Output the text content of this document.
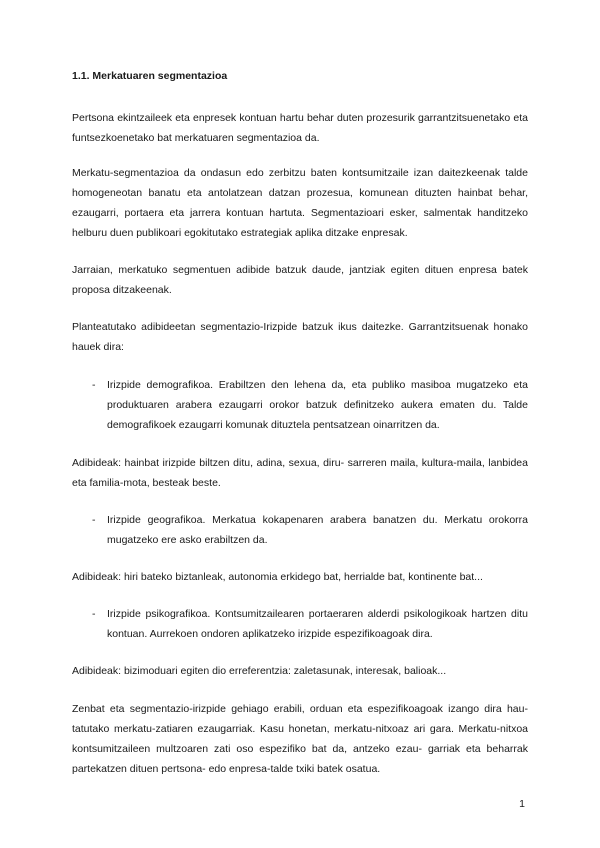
1.1. Merkatuaren segmentazioa

Pertsona ekintzaileek eta enpresek kontuan hartu behar duten prozesurik garrantzitsuenetako eta funtsezkoenetako bat merkatuaren segmentazioa da.

Merkatu-segmentazioa da ondasun edo zerbitzu baten kontsumitzaile izan daitezkeenak talde homogeneotan banatu eta antolatzean datzan prozesua, komunean dituzten hainbat behar, ezaugarri, portaera eta jarrera kontuan hartuta. Segmentazioari esker, salmentak handitzeko helburu duen publikoari egokitutako estrategiak aplika ditzake enpresak.

Jarraian, merkatuko segmentuen adibide batzuk daude, jantziak egiten dituen enpresa batek proposa ditzakeenak.

Planteatutako adibideetan segmentazio-Irizpide batzuk ikus daitezke. Garrantzitsuenak honako hauek dira:

- Irizpide demografikoa. Erabiltzen den lehena da, eta publiko masiboa mugatzeko eta produktuaren arabera ezaugarri orokor batzuk definitzeko aukera ematen du. Talde demografikoek ezaugarri komunak dituztela pentsatzean oinarritzen da.

Adibideak: hainbat irizpide biltzen ditu, adina, sexua, diru- sarreren maila, kultura-maila, lanbidea eta familia-mota, besteak beste.

- Irizpide geografikoa. Merkatua kokapenaren arabera banatzen du. Merkatu orokorra mugatzeko ere asko erabiltzen da.

Adibideak: hiri bateko biztanleak, autonomia erkidego bat, herrialde bat, kontinente bat...

- Irizpide psikografikoa. Kontsumitzailearen portaeraren alderdi psikologikoak hartzen ditu kontuan. Aurrekoen ondoren aplikatzeko irizpide espezifikoagoak dira.

Adibideak: bizimoduari egiten dio erreferentzia: zaletasunak, interesak, balioak...

Zenbat eta segmentazio-irizpide gehiago erabili, orduan eta espezifikoagoak izango dira hau- tatutako merkatu-zatiaren ezaugarriak. Kasu honetan, merkatu-nitxoaz ari gara. Merkatu-nitxoa kontsumitzaileen multzoaren zati oso espezifiko bat da, antzeko ezau- garriak eta beharrak partekatzen dituen pertsona- edo enpresa-talde txiki batek osatua.

1
